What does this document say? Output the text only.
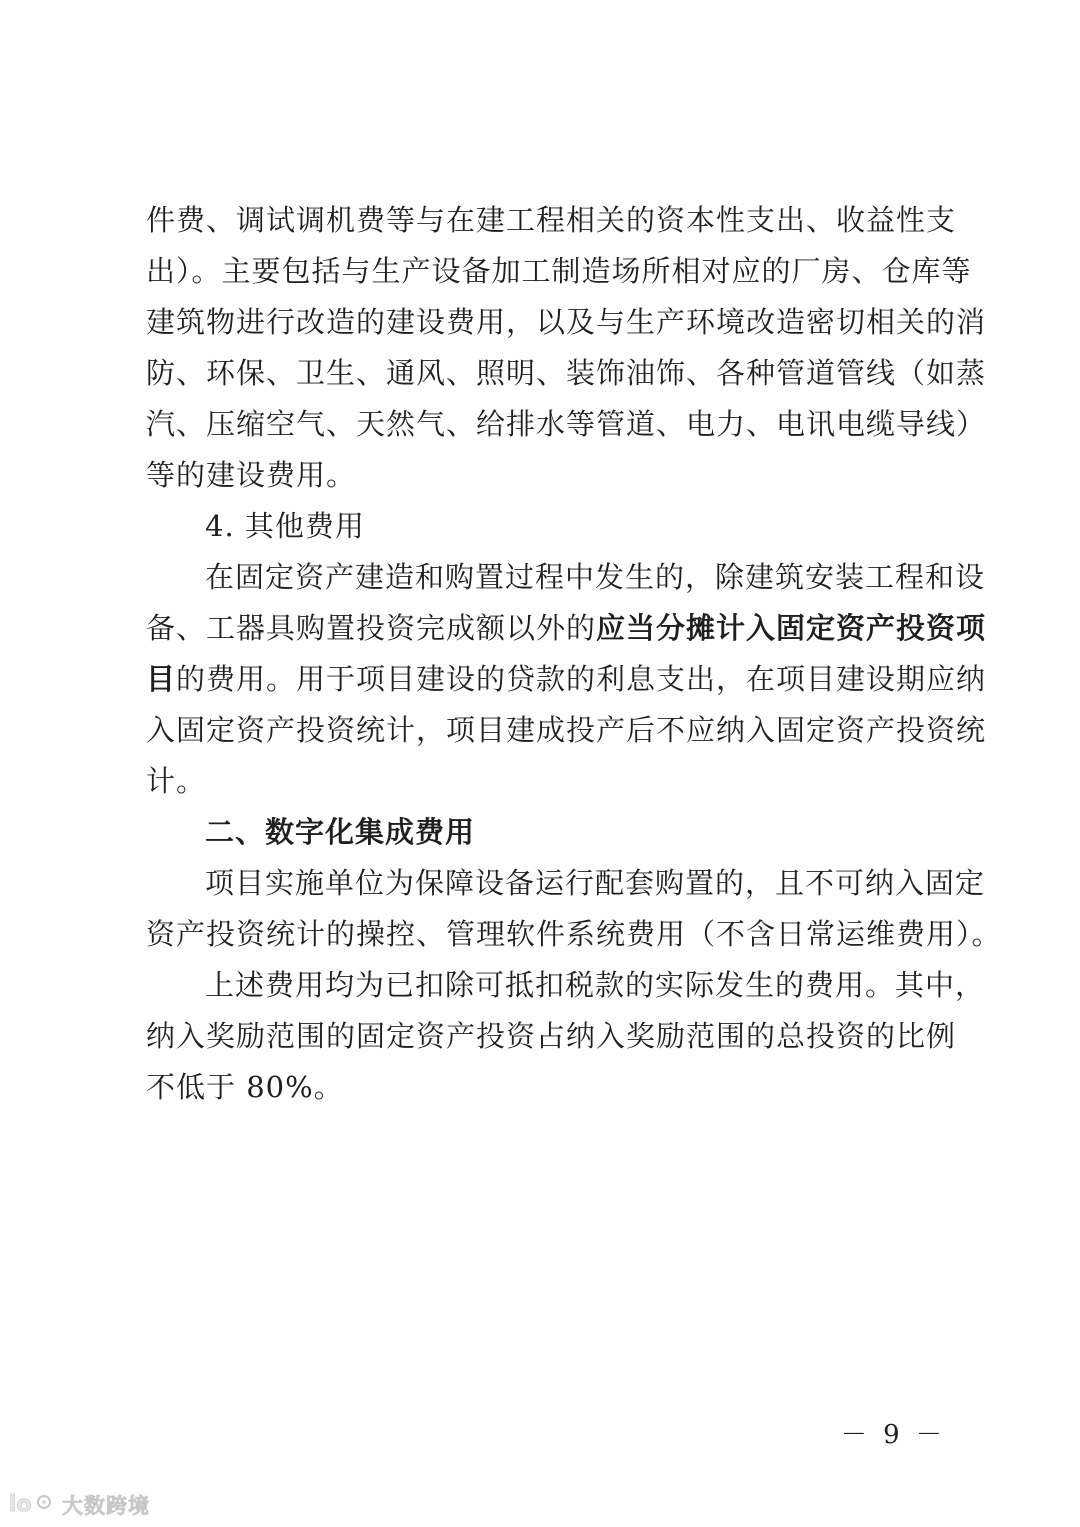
件费、调试调机费等与在建工程相关的资本性支出、收益性支
出）。主要包括与生产设备加工制造场所相对应的厂房、仓库等
建筑物进行改造的建设费用，以及与生产环境改造密切相关的消
防、环保、卫生、通风、照明、装饰油饰、各种管道管线（如蒸
汽、压缩空气、天然气、给排水等管道、电力、电讯电缆导线）
等的建设费用。
4. 其他费用
在固定资产建造和购置过程中发生的，除建筑安装工程和设
备、工器具购置投资完成额以外的应当分摊计入固定资产投资项
目的费用。用于项目建设的贷款的利息支出，在项目建设期应纳
入固定资产投资统计，项目建成投产后不应纳入固定资产投资统
计。
二、数字化集成费用
项目实施单位为保障设备运行配套购置的，且不可纳入固定
资产投资统计的操控、管理软件系统费用（不含日常运维费用）。
上述费用均为已扣除可抵扣税款的实际发生的费用。其中，
纳入奖励范围的固定资产投资占纳入奖励范围的总投资的比例
不低于 80%。
－ 9 －
lo 大数跨境
